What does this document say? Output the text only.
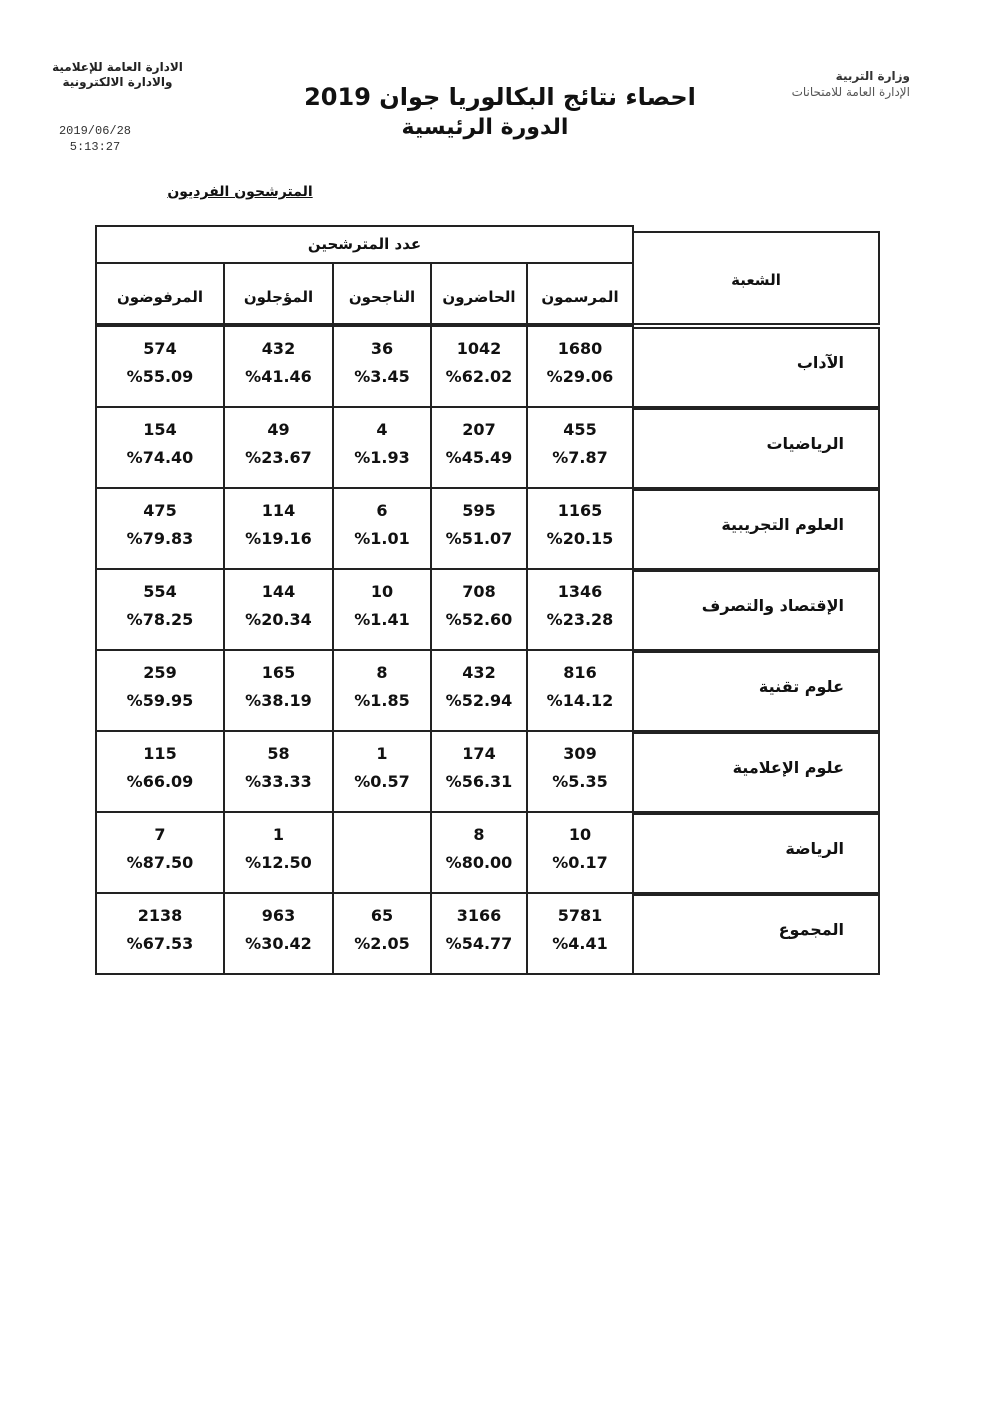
وزارة التربية
الإدارة العامة للامتحانات
الادارة العامة للإعلامية
والادارة الالكترونية
2019/06/28
5:13:27
احصاء نتائج البكالوريا جوان 2019
الدورة الرئيسية
المترشحون الفرديون
عدد المترشحين
الشعبة
المرسمون
الحاضرون
الناجحون
المؤجلون
المرفوضون
الآداب
1680
%29.06
1042
%62.02
36
%3.45
432
%41.46
574
%55.09
الرياضيات
455
%7.87
207
%45.49
4
%1.93
49
%23.67
154
%74.40
العلوم التجريبية
1165
%20.15
595
%51.07
6
%1.01
114
%19.16
475
%79.83
الإقتصاد والتصرف
1346
%23.28
708
%52.60
10
%1.41
144
%20.34
554
%78.25
علوم تقنية
816
%14.12
432
%52.94
8
%1.85
165
%38.19
259
%59.95
علوم الإعلامية
309
%5.35
174
%56.31
1
%0.57
58
%33.33
115
%66.09
الرياضة
10
%0.17
8
%80.00
1
%12.50
7
%87.50
المجموع
5781
%4.41
3166
%54.77
65
%2.05
963
%30.42
2138
%67.53
